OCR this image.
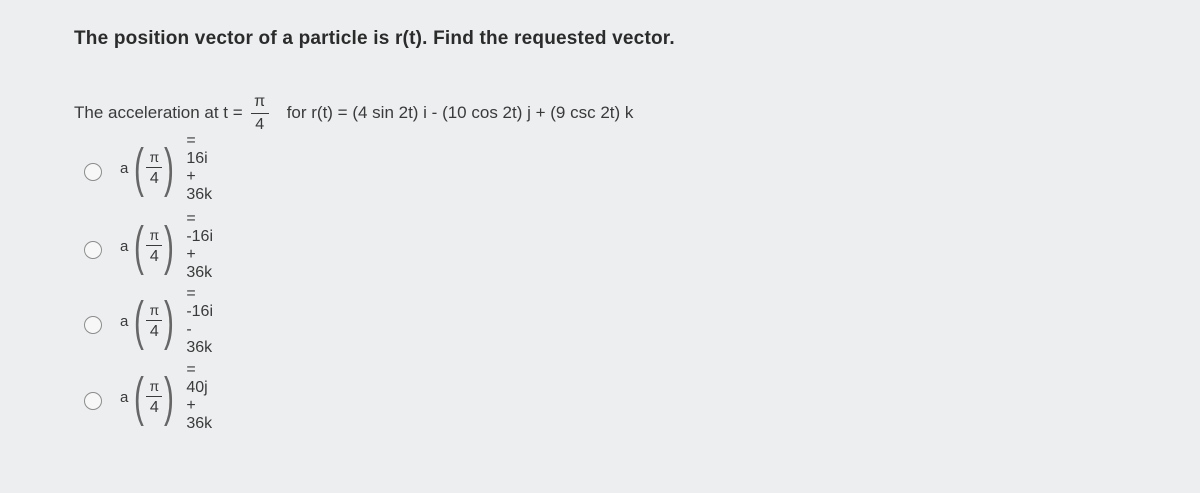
The position vector of a particle is r(t). Find the requested vector.
The acceleration at $t = \frac{\pi}{4}$ for r(t) = (4 sin 2t) i - (10 cos 2t) j + (9 csc 2t) k
a ( $\frac{\pi}{4}$ ) = 16i + 36k
a ( $\frac{\pi}{4}$ ) = -16i + 36k
a ( $\frac{\pi}{4}$ ) = -16i - 36k
a ( $\frac{\pi}{4}$ ) = 40j + 36k
